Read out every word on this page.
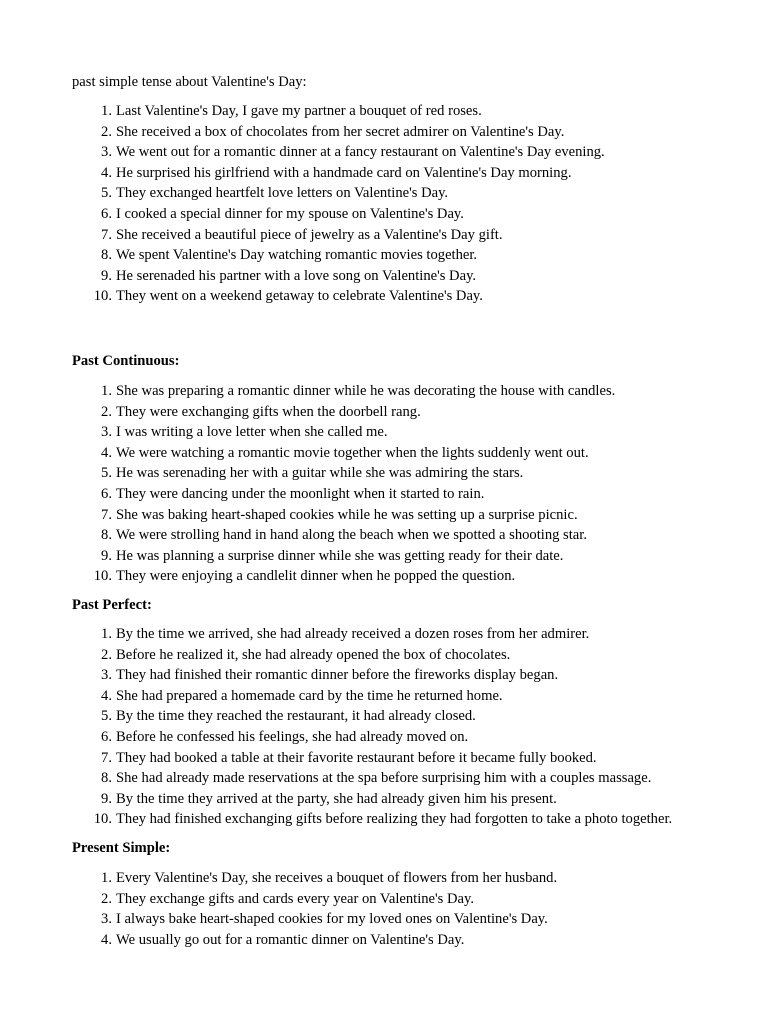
past simple tense about Valentine's Day:
1. Last Valentine's Day, I gave my partner a bouquet of red roses.
2. She received a box of chocolates from her secret admirer on Valentine's Day.
3. We went out for a romantic dinner at a fancy restaurant on Valentine's Day evening.
4. He surprised his girlfriend with a handmade card on Valentine's Day morning.
5. They exchanged heartfelt love letters on Valentine's Day.
6. I cooked a special dinner for my spouse on Valentine's Day.
7. She received a beautiful piece of jewelry as a Valentine's Day gift.
8. We spent Valentine's Day watching romantic movies together.
9. He serenaded his partner with a love song on Valentine's Day.
10. They went on a weekend getaway to celebrate Valentine's Day.
Past Continuous:
1. She was preparing a romantic dinner while he was decorating the house with candles.
2. They were exchanging gifts when the doorbell rang.
3. I was writing a love letter when she called me.
4. We were watching a romantic movie together when the lights suddenly went out.
5. He was serenading her with a guitar while she was admiring the stars.
6. They were dancing under the moonlight when it started to rain.
7. She was baking heart-shaped cookies while he was setting up a surprise picnic.
8. We were strolling hand in hand along the beach when we spotted a shooting star.
9. He was planning a surprise dinner while she was getting ready for their date.
10. They were enjoying a candlelit dinner when he popped the question.
Past Perfect:
1. By the time we arrived, she had already received a dozen roses from her admirer.
2. Before he realized it, she had already opened the box of chocolates.
3. They had finished their romantic dinner before the fireworks display began.
4. She had prepared a homemade card by the time he returned home.
5. By the time they reached the restaurant, it had already closed.
6. Before he confessed his feelings, she had already moved on.
7. They had booked a table at their favorite restaurant before it became fully booked.
8. She had already made reservations at the spa before surprising him with a couples massage.
9. By the time they arrived at the party, she had already given him his present.
10. They had finished exchanging gifts before realizing they had forgotten to take a photo together.
Present Simple:
1. Every Valentine's Day, she receives a bouquet of flowers from her husband.
2. They exchange gifts and cards every year on Valentine's Day.
3. I always bake heart-shaped cookies for my loved ones on Valentine's Day.
4. We usually go out for a romantic dinner on Valentine's Day.
